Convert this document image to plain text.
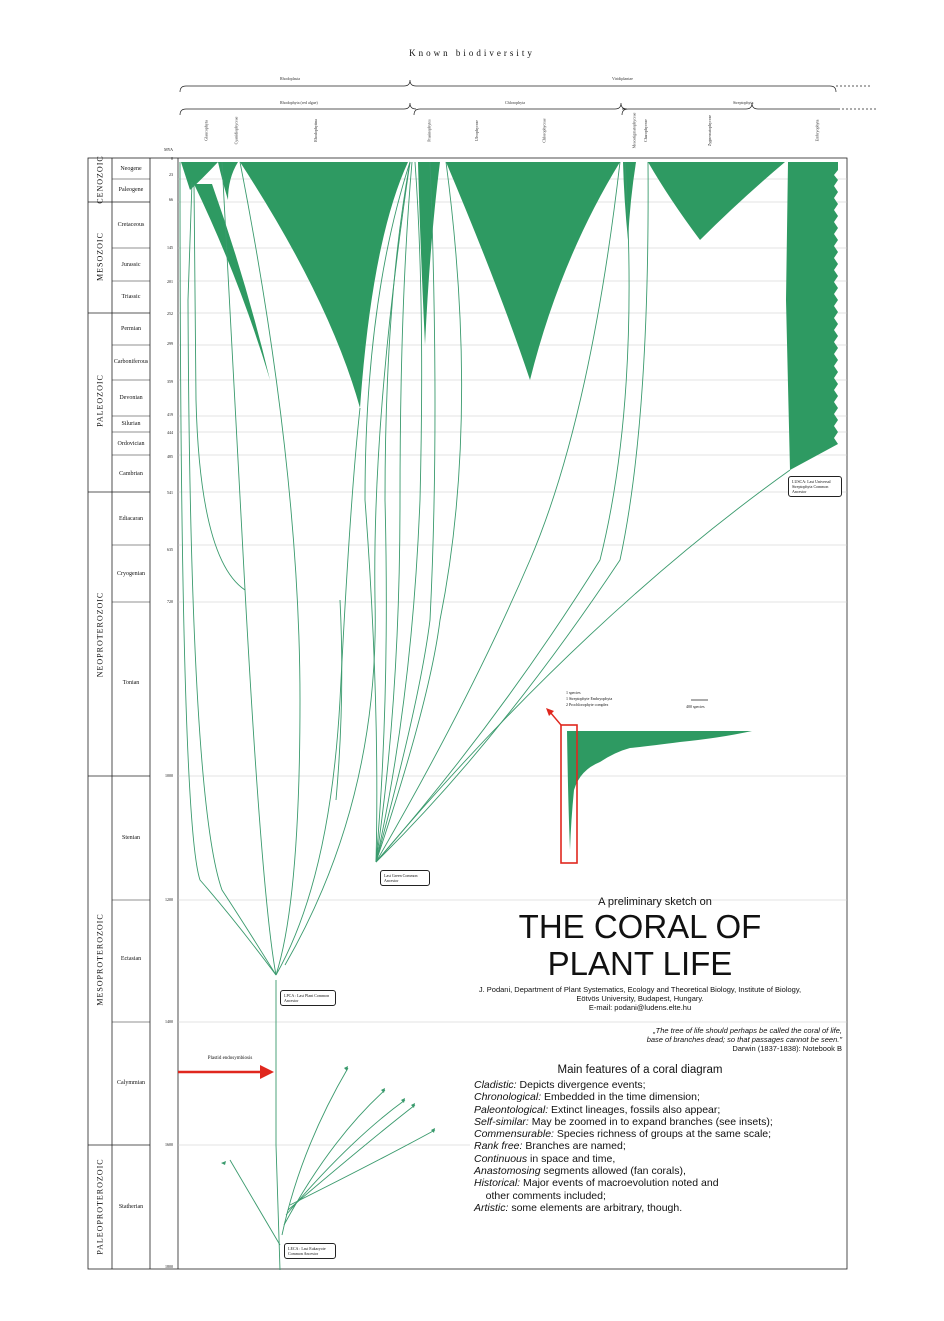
Known biodiversity
Rhodoplasta	Viridiplantae
Rhodophyta (red algae)	Chlorophyta	Streptophyta
CENOZOIC
MESOZOIC
PALEOZOIC
NEOPROTEROZOIC
MESOPROTEROZOIC
PALEOPROTEROZOIC
Neogene
Paleogene
Cretaceous
Jurassic
Triassic
Permian
Carboniferous
Devonian
Silurian
Ordovician
Cambrian
Ediacaran
Cryogenian
Tonian
Stenian
Ectasian
Calymmian
Statherian
MYA
0
23
66
145
201
252
299
359
419
444
485
541
635
720
1000
1200
1400
1600
1800
Glaucophyta	Cyanidiophyceae	Rhodophytina	Prasinophytes	Ulvophyceae	Chlorophyceae	Mesostigmatophyceae Charophyceae	Zygnematophyceae	Embryophyta
LUSCA: Last Universal Streptophyta Common Ancestor
Last Green Common Ancestor
LPCA : Last Plant Common Ancestor
LECA : Last Eukaryote Common Ancestor
Plastid endosymbiosis
1 species
1 Streptophyte Embryophyta
2 Prochlorophyte complex	400 species
A preliminary sketch on
THE CORAL OF
PLANT LIFE
J. Podani, Department of Plant Systematics, Ecology and Theoretical Biology, Institute of Biology,
Eötvös University, Budapest, Hungary.
E-mail: podani@ludens.elte.hu
„The tree of life should perhaps be called the coral of life,
base of branches dead; so that passages cannot be seen."
Darwin (1837-1838): Notebook B
Main features of a coral diagram
Cladistic: Depicts divergence events;
Chronological: Embedded in the time dimension;
Paleontological: Extinct lineages, fossils also appear;
Self-similar: May be zoomed in to expand branches (see insets);
Commensurable: Species richness of groups at the same scale;
Rank free: Branches are named;
Continuous in space and time,
Anastomosing segments allowed (fan corals),
Historical: Major events of macroevolution noted and
other comments included;
Artistic: some elements are arbitrary, though.
